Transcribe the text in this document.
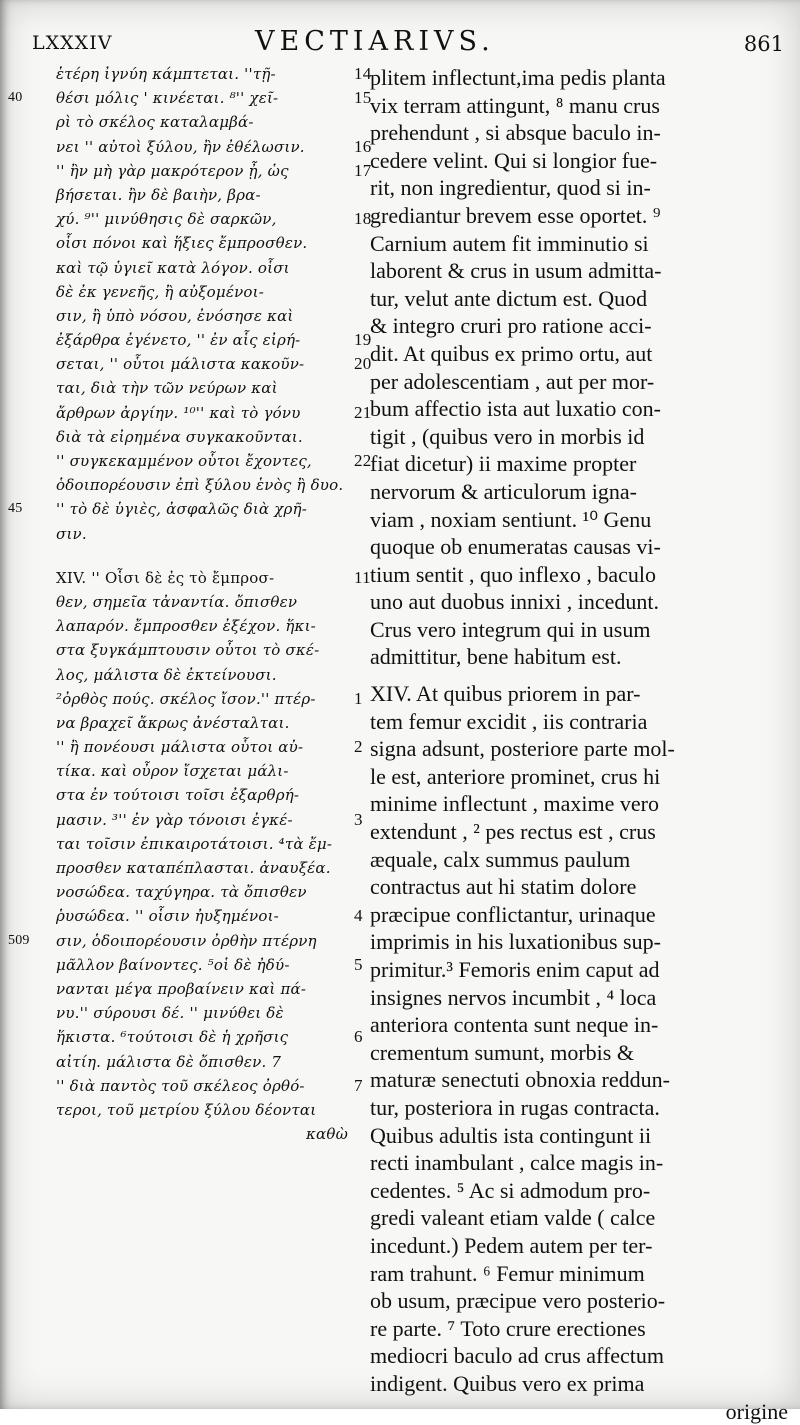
LXXXIV	VECTIARIVS.	861
ἑτέρη ἰγνύη κάμπτεται. ''τῇ-	14
θέσι μόλις ' κινέεται. ⁸'' χεῖ-	15
40
ρὶ τὸ σκέλος καταλαμβά-
νει '' αὐτοὶ ξύλου, ἢν ἐθέλωσιν.	16
'' ἢν μὴ γὰρ μακρότερον ᾖ, ὡς	17
βήσεται. ἢν δὲ βαιὴν, βρα-
χύ. ⁹'' μινύθησις δὲ σαρκῶν,	18
οἷσι πόνοι καὶ ἥξιες ἔμπροσθεν.
καὶ τῷ ὑγιεῖ κατὰ λόγον. οἷσι
δὲ ἐκ γενεῆς, ἢ αὐξομένοι-
σιν, ἢ ὑπὸ νόσου, ἐνόσησε καὶ
ἐξάρθρα ἐγένετο, '' ἐν αἷς εἰρή-	19
σεται, '' οὗτοι μάλιστα κακοῦν-	20
ται, διὰ τὴν τῶν νεύρων καὶ
ἄρθρων ἀργίην. ¹⁰'' καὶ τὸ γόνυ	21
διὰ τὰ εἰρημένα συγκακοῦνται.
'' συγκεκαμμένον οὗτοι ἔχοντες, 22
ὁδοιπορέουσιν ἐπὶ ξύλου ἑνὸς ἢ δυο.
'' τὸ δὲ ὑγιὲς, ἀσφαλῶς διὰ χρῆ-
45
σιν.
XIV. '' Οἷσι δὲ ἐς τὸ ἔμπροσ-	11
θεν, σημεῖα τἀναντία. ὄπισθεν
λαπαρόν. ἔμπροσθεν ἐξέχον. ἥκι-
στα ξυγκάμπτουσιν οὗτοι τὸ σκέ-
λος, μάλιστα δὲ ἐκτείνουσι.
²ὀρθὸς πούς. σκέλος ἴσον.'' πτέρ- 1
να βραχεῖ ἄκρως ἀνέσταλται.
'' ἢ πονέουσι μάλιστα οὗτοι αὐ-	2
τίκα. καὶ οὖρον ἴσχεται μάλι-
στα ἐν τούτοισι τοῖσι ἐξαρθρή-
μασιν. ³'' ἐν γὰρ τόνοισι ἐγκέ-	3
ται τοῖσιν ἐπικαιροτάτοισι. ⁴τὰ ἔμ-
προσθεν καταπέπλασται. ἀναυξέα.
νοσώδεα. ταχύγηρα. τὰ ὄπισθεν
ῥυσώδεα. '' οἷσιν ἠυξημένοι-	4
σιν, ὁδοιπορέουσιν ὀρθὴν πτέρνη
509
μᾶλλον βαίνοντες. ⁵οἱ δὲ ἠδύ-	5
νανται μέγα προβαίνειν καὶ πά-
νυ.'' σύρουσι δέ. '' μινύθει δὲ
ἥκιστα. ⁶τούτοισι δὲ ἡ χρῆσις	6
αἰτίη. μάλιστα δὲ ὄπισθεν. 7
'' διὰ παντὸς τοῦ σκέλεος ὀρθό-	7
τεροι, τοῦ μετρίου ξύλου δέονται
καθὼ
plitem inflectunt,ima pedis planta
vix terram attingunt, ⁸ manu crus
prehendunt , si absque baculo in-
cedere velint. Qui si longior fue-
rit, non ingredientur, quod si in-
grediantur brevem esse oportet. ⁹
Carnium autem fit imminutio si
laborent & crus in usum admitta-
tur, velut ante dictum est. Quod
& integro cruri pro ratione acci-
dit. At quibus ex primo ortu, aut
per adolescentiam , aut per mor-
bum affectio ista aut luxatio con-
tigit , (quibus vero in morbis id
fiat dicetur) ii maxime propter
nervorum & articulorum igna-
viam , noxiam sentiunt. ¹⁰ Genu
quoque ob enumeratas causas vi-
tium sentit , quo inflexo , baculo
uno aut duobus innixi , incedunt.
Crus vero integrum qui in usum
admittitur, bene habitum est.
XIV. At quibus priorem in par-
tem femur excidit , iis contraria
signa adsunt, posteriore parte mol-
le est, anteriore prominet, crus hi
minime inflectunt , maxime vero
extendunt , ² pes rectus est , crus
æquale, calx summus paulum
contractus aut hi statim dolore
præcipue conflictantur, urinaque
imprimis in his luxationibus sup-
primitur.³ Femoris enim caput ad
insignes nervos incumbit , ⁴ loca
anteriora contenta sunt neque in-
crementum sumunt, morbis &
maturæ senectuti obnoxia reddun-
tur, posteriora in rugas contracta.
Quibus adultis ista contingunt ii
recti inambulant , calce magis in-
cedentes. ⁵ Ac si admodum pro-
gredi valeant etiam valde ( calce
incedunt.) Pedem autem per ter-
ram trahunt. ⁶ Femur minimum
ob usum, præcipue vero posterio-
re parte. ⁷ Toto crure erectiones
mediocri baculo ad crus affectum
indigent. Quibus vero ex prima
origine
